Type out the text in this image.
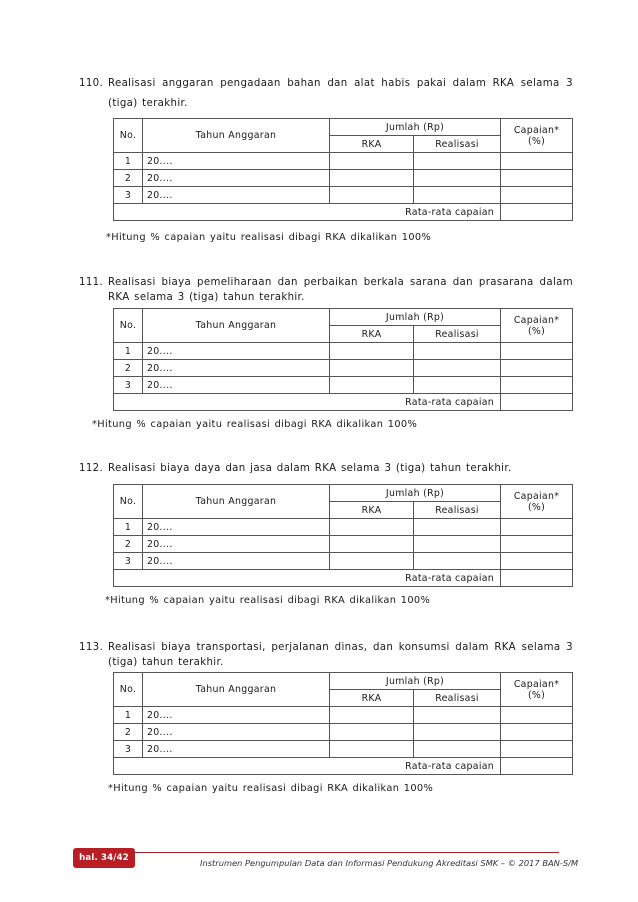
110. Realisasi anggaran pengadaan bahan dan alat habis pakai dalam RKA selama 3 (tiga) terakhir.
No.	Tahun Anggaran	Jumlah (Rp)		Capaian*
(%)

		RKA	Realisasi	
1	20....			
2	20....			
3	20....			
Rata-rata capaian				
*Hitung % capaian yaitu realisasi dibagi RKA dikalikan 100%
111. Realisasi biaya pemeliharaan dan perbaikan berkala sarana dan prasarana dalam RKA selama 3 (tiga) tahun terakhir.
No.	Tahun Anggaran	Jumlah (Rp)		Capaian*
(%)

		RKA	Realisasi	
1	20....			
2	20....			
3	20....			
Rata-rata capaian				
*Hitung % capaian yaitu realisasi dibagi RKA dikalikan 100%
112. Realisasi biaya daya dan jasa dalam RKA selama 3 (tiga) tahun terakhir.
No.	Tahun Anggaran	Jumlah (Rp)		Capaian*
(%)

		RKA	Realisasi	
1	20....			
2	20....			
3	20....			
Rata-rata capaian				
*Hitung % capaian yaitu realisasi dibagi RKA dikalikan 100%
113. Realisasi biaya transportasi, perjalanan dinas, dan konsumsi dalam RKA selama 3 (tiga) tahun terakhir.
No.	Tahun Anggaran	Jumlah (Rp)		Capaian*
(%)

		RKA	Realisasi	
1	20....			
2	20....			
3	20....			
Rata-rata capaian				
*Hitung % capaian yaitu realisasi dibagi RKA dikalikan 100%
hal. 34/42	Instrumen Pengumpulan Data dan Informasi Pendukung Akreditasi SMK – © 2017 BAN-S/M
